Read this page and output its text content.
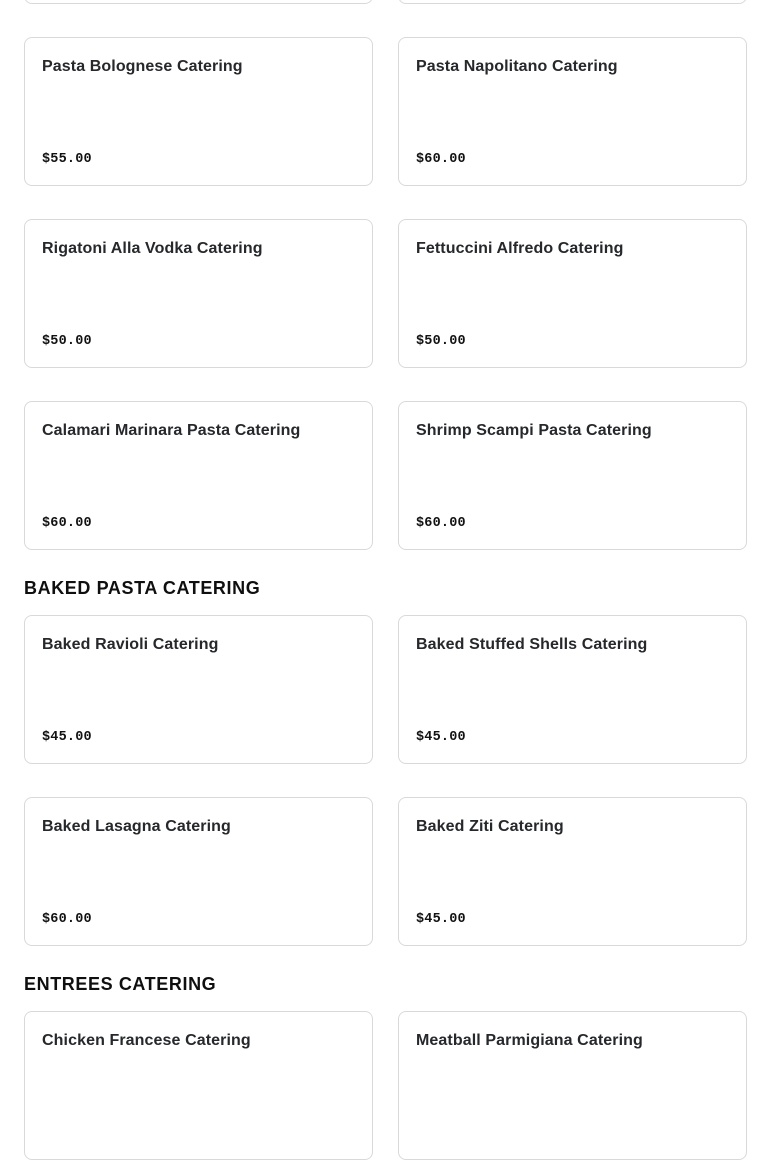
Pasta Bolognese Catering
$55.00
Pasta Napolitano Catering
$60.00
Rigatoni Alla Vodka Catering
$50.00
Fettuccini Alfredo Catering
$50.00
Calamari Marinara Pasta Catering
$60.00
Shrimp Scampi Pasta Catering
$60.00
BAKED PASTA CATERING
Baked Ravioli Catering
$45.00
Baked Stuffed Shells Catering
$45.00
Baked Lasagna Catering
$60.00
Baked Ziti Catering
$45.00
ENTREES CATERING
Chicken Francese Catering	Meatball Parmigiana Catering
